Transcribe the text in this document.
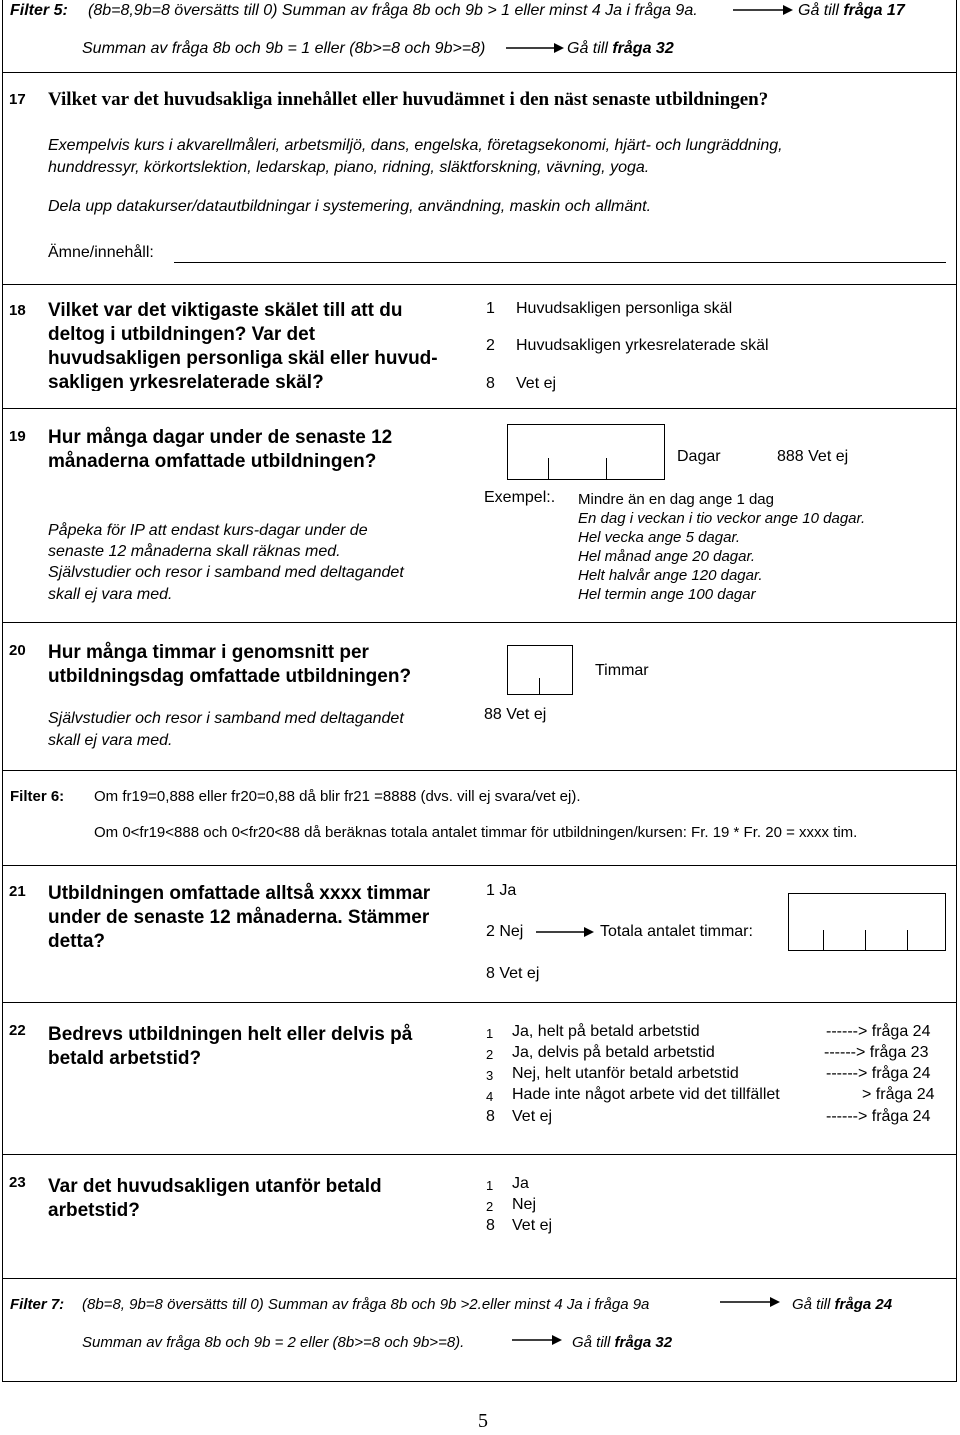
Filter 5: (8b=8,9b=8 översätts till 0) Summan av fråga 8b och 9b > 1 eller minst 4 Ja i fråga 9a.	Gå till fråga 17
Summan av fråga 8b och 9b = 1 eller (8b>=8 och 9b>=8)	Gå till fråga 32
17 Vilket var det huvudsakliga innehållet eller huvudämnet i den näst senaste utbildningen?
Exempelvis kurs i akvarellmåleri, arbetsmiljö, dans, engelska, företagsekonomi, hjärt- och lungräddning,
hunddressyr, körkortslektion, ledarskap, piano, ridning, släktforskning, vävning, yoga.
Dela upp datakurser/datautbildningar i systemering, användning, maskin och allmänt.
Ämne/innehåll:
18 Vilket var det viktigaste skälet till att du
deltog i utbildningen? Var det
huvudsakligen personliga skäl eller huvud-
sakligen yrkesrelaterade skäl?
1 Huvudsakligen personliga skäl
2 Huvudsakligen yrkesrelaterade skäl
8 Vet ej
19 Hur många dagar under de senaste 12
månaderna omfattade utbildningen?	Dagar	888 Vet ej
Påpeka för IP att endast kurs-dagar under de
senaste 12 månaderna skall räknas med.
Självstudier och resor i samband med deltagandet
skall ej vara med.
Exempel:. Mindre än en dag ange 1 dag
En dag i veckan i tio veckor ange 10 dagar.
Hel vecka ange 5 dagar.
Hel månad ange 20 dagar.
Helt halvår ange 120 dagar.
Hel termin ange 100 dagar
20 Hur många timmar i genomsnitt per
utbildningsdag omfattade utbildningen?	Timmar
88 Vet ej
Självstudier och resor i samband med deltagandet
skall ej vara med.
Filter 6: Om fr19=0,888 eller fr20=0,88 då blir fr21 =8888 (dvs. vill ej svara/vet ej).
Om 0<fr19<888 och 0<fr20<88 då beräknas totala antalet timmar för utbildningen/kursen: Fr. 19 * Fr. 20 = xxxx tim.
21 Utbildningen omfattade alltså xxxx timmar
under de senaste 12 månaderna. Stämmer
detta?
1 Ja
2 Nej	Totala antalet timmar:
8 Vet ej
22 Bedrevs utbildningen helt eller delvis på
betald arbetstid?
1 Ja, helt på betald arbetstid	------> fråga 24
2 Ja, delvis på betald arbetstid	------> fråga 23
3 Nej, helt utanför betald arbetstid	------> fråga 24
4 Hade inte något arbete vid det tillfället	> fråga 24
8 Vet ej	------> fråga 24
23 Var det huvudsakligen utanför betald
arbetstid?
1 Ja
2 Nej
8 Vet ej
Filter 7: (8b=8, 9b=8 översätts till 0) Summan av fråga 8b och 9b >2.eller minst 4 Ja i fråga 9a	Gå till fråga 24
Summan av fråga 8b och 9b = 2 eller (8b>=8 och 9b>=8).	Gå till fråga 32
5
